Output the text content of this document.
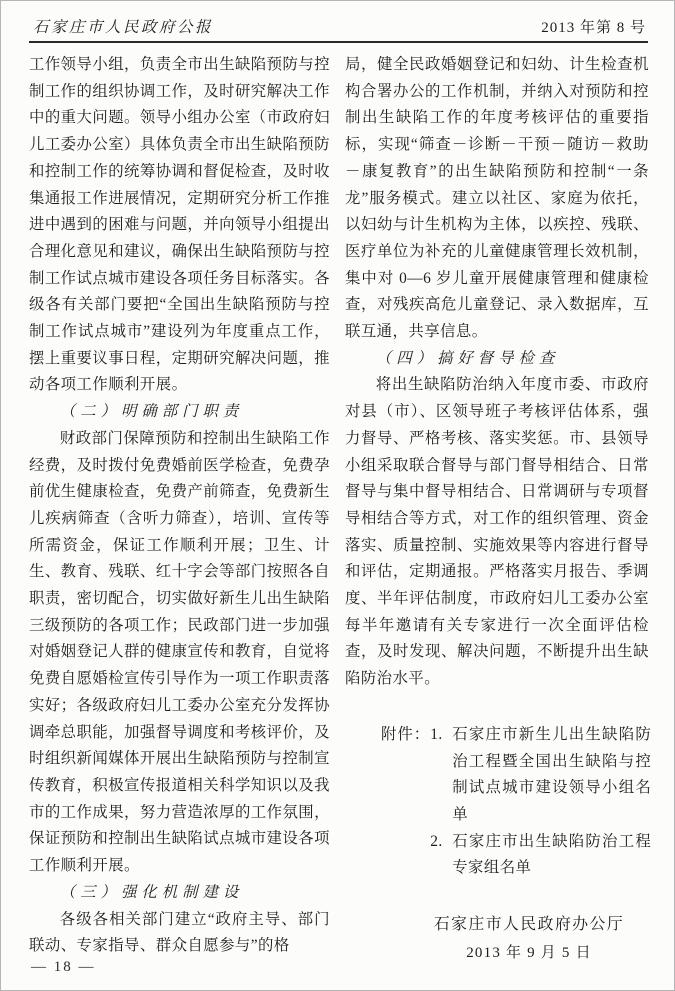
石家庄市人民政府公报	2013 年第 8 号

工作领导小组，负责全市出生缺陷预防与控制工作的组织协调工作，及时研究解决工作中的重大问题。领导小组办公室（市政府妇儿工委办公室）具体负责全市出生缺陷预防和控制工作的统筹协调和督促检查，及时收集通报工作进展情况，定期研究分析工作推进中遇到的困难与问题，并向领导小组提出合理化意见和建议，确保出生缺陷预防与控制工作试点城市建设各项任务目标落实。各级各有关部门要把“全国出生缺陷预防与控制工作试点城市”建设列为年度重点工作，摆上重要议事日程，定期研究解决问题，推动各项工作顺利开展。

（二）明确部门职责

财政部门保障预防和控制出生缺陷工作经费，及时拨付免费婚前医学检查，免费孕前优生健康检查，免费产前筛查，免费新生儿疾病筛查（含听力筛查），培训、宣传等所需资金，保证工作顺利开展；卫生、计生、教育、残联、红十字会等部门按照各自职责，密切配合，切实做好新生儿出生缺陷三级预防的各项工作；民政部门进一步加强对婚姻登记人群的健康宣传和教育，自觉将免费自愿婚检宣传引导作为一项工作职责落实好；各级政府妇儿工委办公室充分发挥协调牵总职能，加强督导调度和考核评价，及时组织新闻媒体开展出生缺陷预防与控制宣传教育，积极宣传报道相关科学知识以及我市的工作成果，努力营造浓厚的工作氛围，保证预防和控制出生缺陷试点城市建设各项工作顺利开展。

（三）强化机制建设

各级各相关部门建立“政府主导、部门联动、专家指导、群众自愿参与”的格

局，健全民政婚姻登记和妇幼、计生检查机构合署办公的工作机制，并纳入对预防和控制出生缺陷工作的年度考核评估的重要指标，实现“筛查－诊断－干预－随访－救助－康复教育”的出生缺陷预防和控制“一条龙”服务模式。建立以社区、家庭为依托，以妇幼与计生机构为主体，以疾控、残联、医疗单位为补充的儿童健康管理长效机制，集中对 0—6 岁儿童开展健康管理和健康检查，对残疾高危儿童登记、录入数据库，互联互通，共享信息。

（四）搞好督导检查

将出生缺陷防治纳入年度市委、市政府对县（市）、区领导班子考核评估体系，强力督导、严格考核、落实奖惩。市、县领导小组采取联合督导与部门督导相结合、日常督导与集中督导相结合、日常调研与专项督导相结合等方式，对工作的组织管理、资金落实、质量控制、实施效果等内容进行督导和评估，定期通报。严格落实月报告、季调度、半年评估制度，市政府妇儿工委办公室每半年邀请有关专家进行一次全面评估检查，及时发现、解决问题，不断提升出生缺陷防治水平。

附件： 1. 石家庄市新生儿出生缺陷防治工程暨全国出生缺陷与控制试点城市建设领导小组名单
2. 石家庄市出生缺陷防治工程专家组名单
石家庄市人民政府办公厅
2013 年 9 月 5 日
— 18 —
